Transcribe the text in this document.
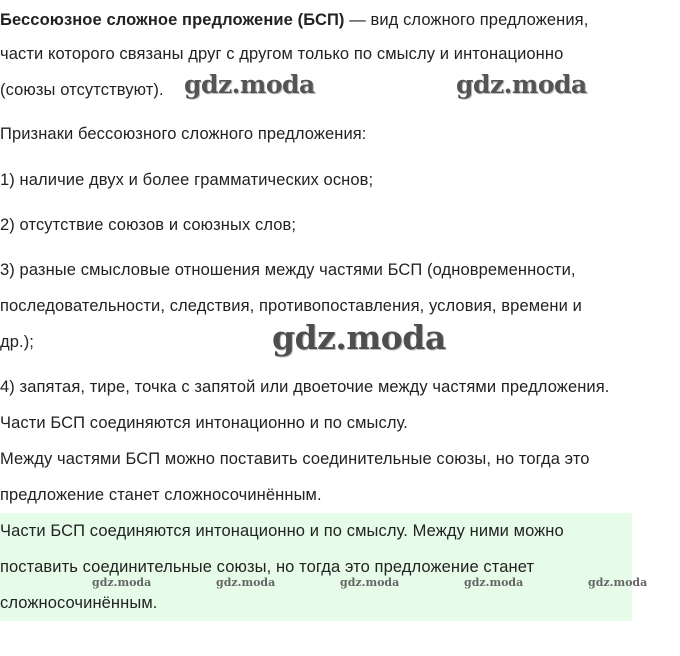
Бессоюзное сложное предложение (БСП) — вид сложного предложения,

части которого связаны друг с другом только по смыслу и интонационно

(союзы отсутствуют).

Признаки бессоюзного сложного предложения:

1) наличие двух и более грамматических основ;

2) отсутствие союзов и союзных слов;

3) разные смысловые отношения между частями БСП (одновременности,

последовательности, следствия, противопоставления, условия, времени и

др.);

4) запятая, тире, точка с запятой или двоеточие между частями предложения.

Части БСП соединяются интонационно и по смыслу.

Между частями БСП можно поставить соединительные союзы, но тогда это

предложение станет сложносочинённым.

Части БСП соединяются интонационно и по смыслу. Между ними можно

поставить соединительные союзы, но тогда это предложение станет

сложносочинённым.

gdz.moda	gdz.moda
gdz.moda
gdz.moda	gdz.moda	gdz.moda	gdz.moda	gdz.moda
